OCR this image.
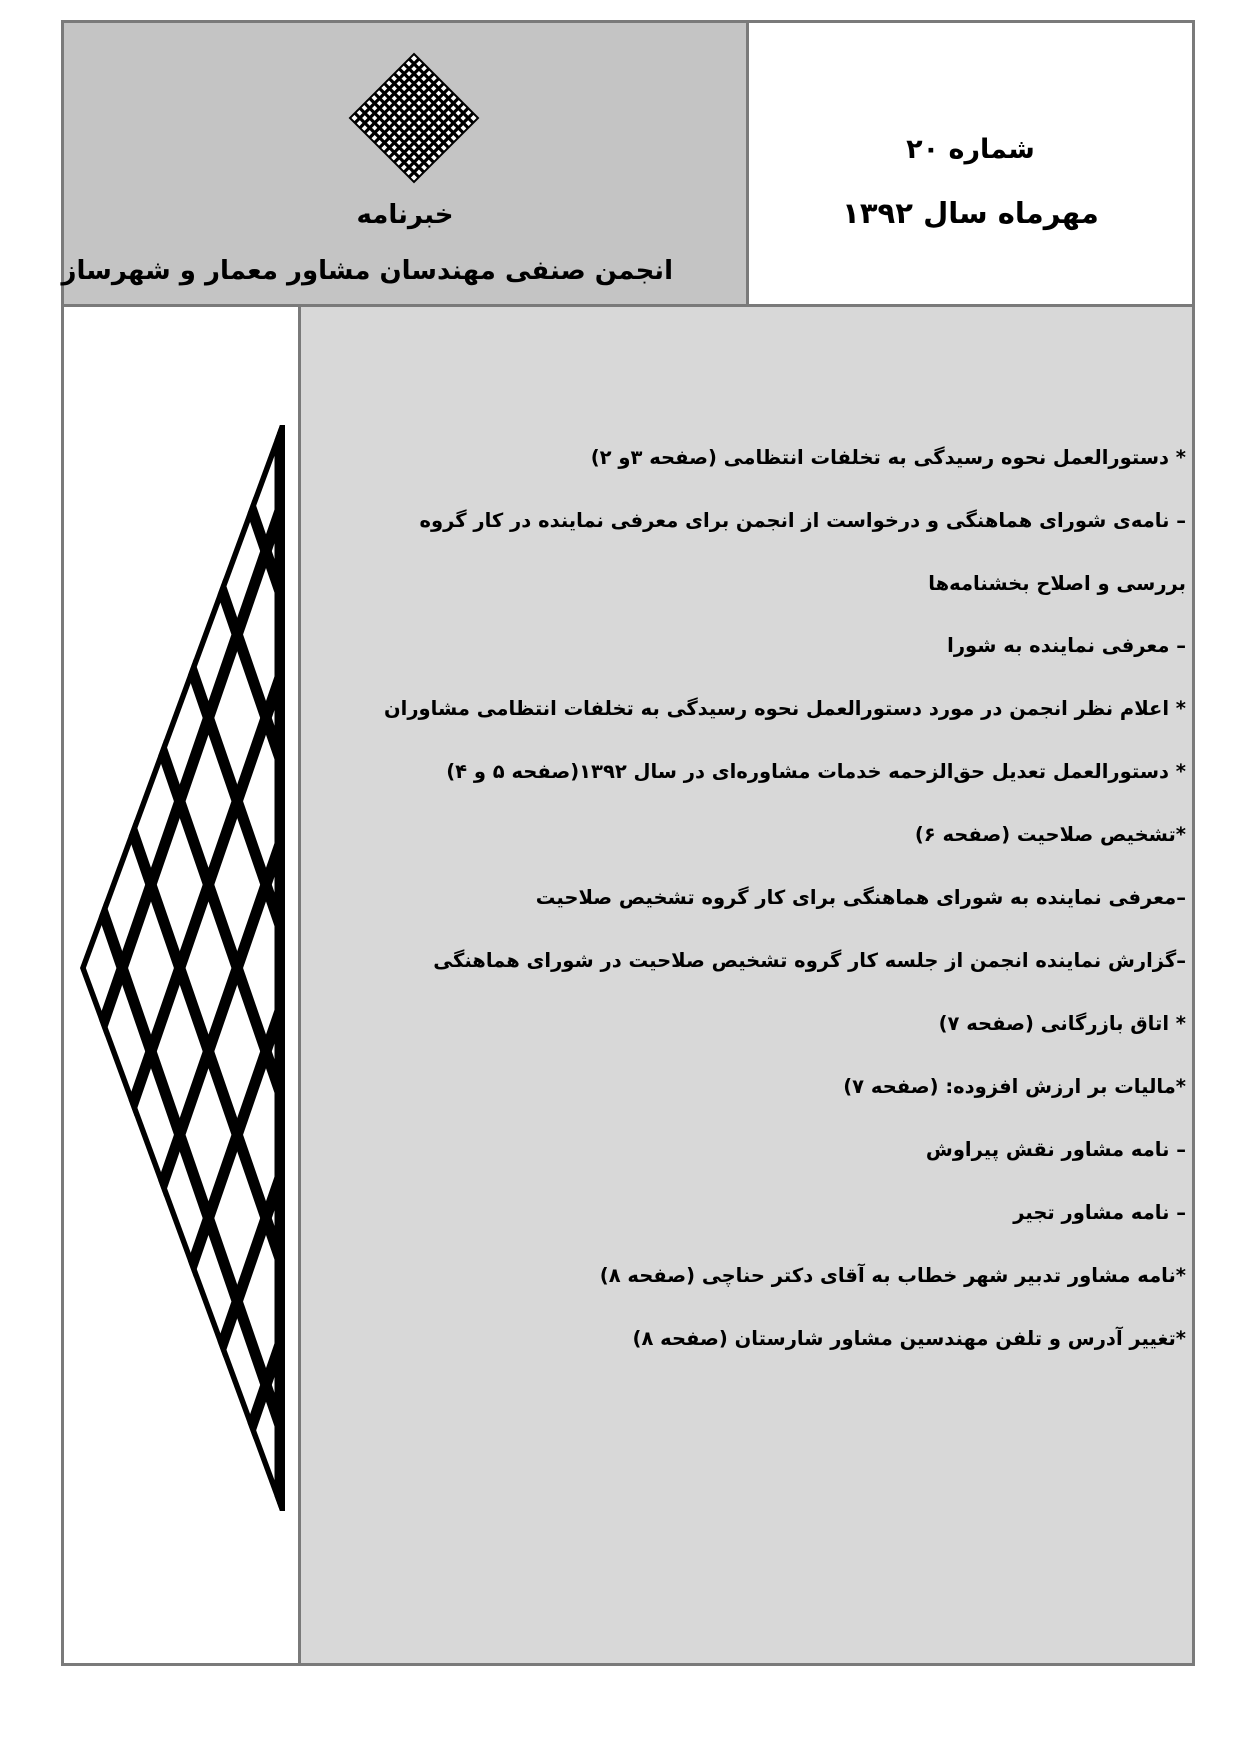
خبرنامه
انجمن صنفی مهندسان مشاور معمار و شهرساز
شماره ۲۰
مهرماه سال ۱۳۹۲
* دستورالعمل نحوه رسیدگی به تخلفات انتظامی (صفحه ۳و ۲)
– نامه‌ی شورای هماهنگی و درخواست از انجمن برای معرفی نماینده در کار گروه بررسی و اصلاح بخشنامه‌ها
– معرفی نماینده به شورا
* اعلام نظر انجمن در مورد دستورالعمل نحوه رسیدگی به تخلفات انتظامی مشاوران
* دستورالعمل تعدیل حق‌الزحمه خدمات مشاوره‌ای در سال ۱۳۹۲(صفحه ۵ و ۴)
*تشخیص صلاحیت (صفحه ۶)
–معرفی نماینده به شورای هماهنگی برای کار گروه تشخیص صلاحیت
–گزارش نماینده انجمن از جلسه کار گروه تشخیص صلاحیت در شورای هماهنگی
* اتاق بازرگانی (صفحه ۷)
*مالیات بر ارزش افزوده: (صفحه ۷)
– نامه مشاور نقش پیراوش
– نامه مشاور تجیر
*نامه مشاور تدبیر شهر خطاب به آقای دکتر حناچی (صفحه ۸)
*تغییر آدرس و تلفن مهندسین مشاور شارستان (صفحه ۸)
